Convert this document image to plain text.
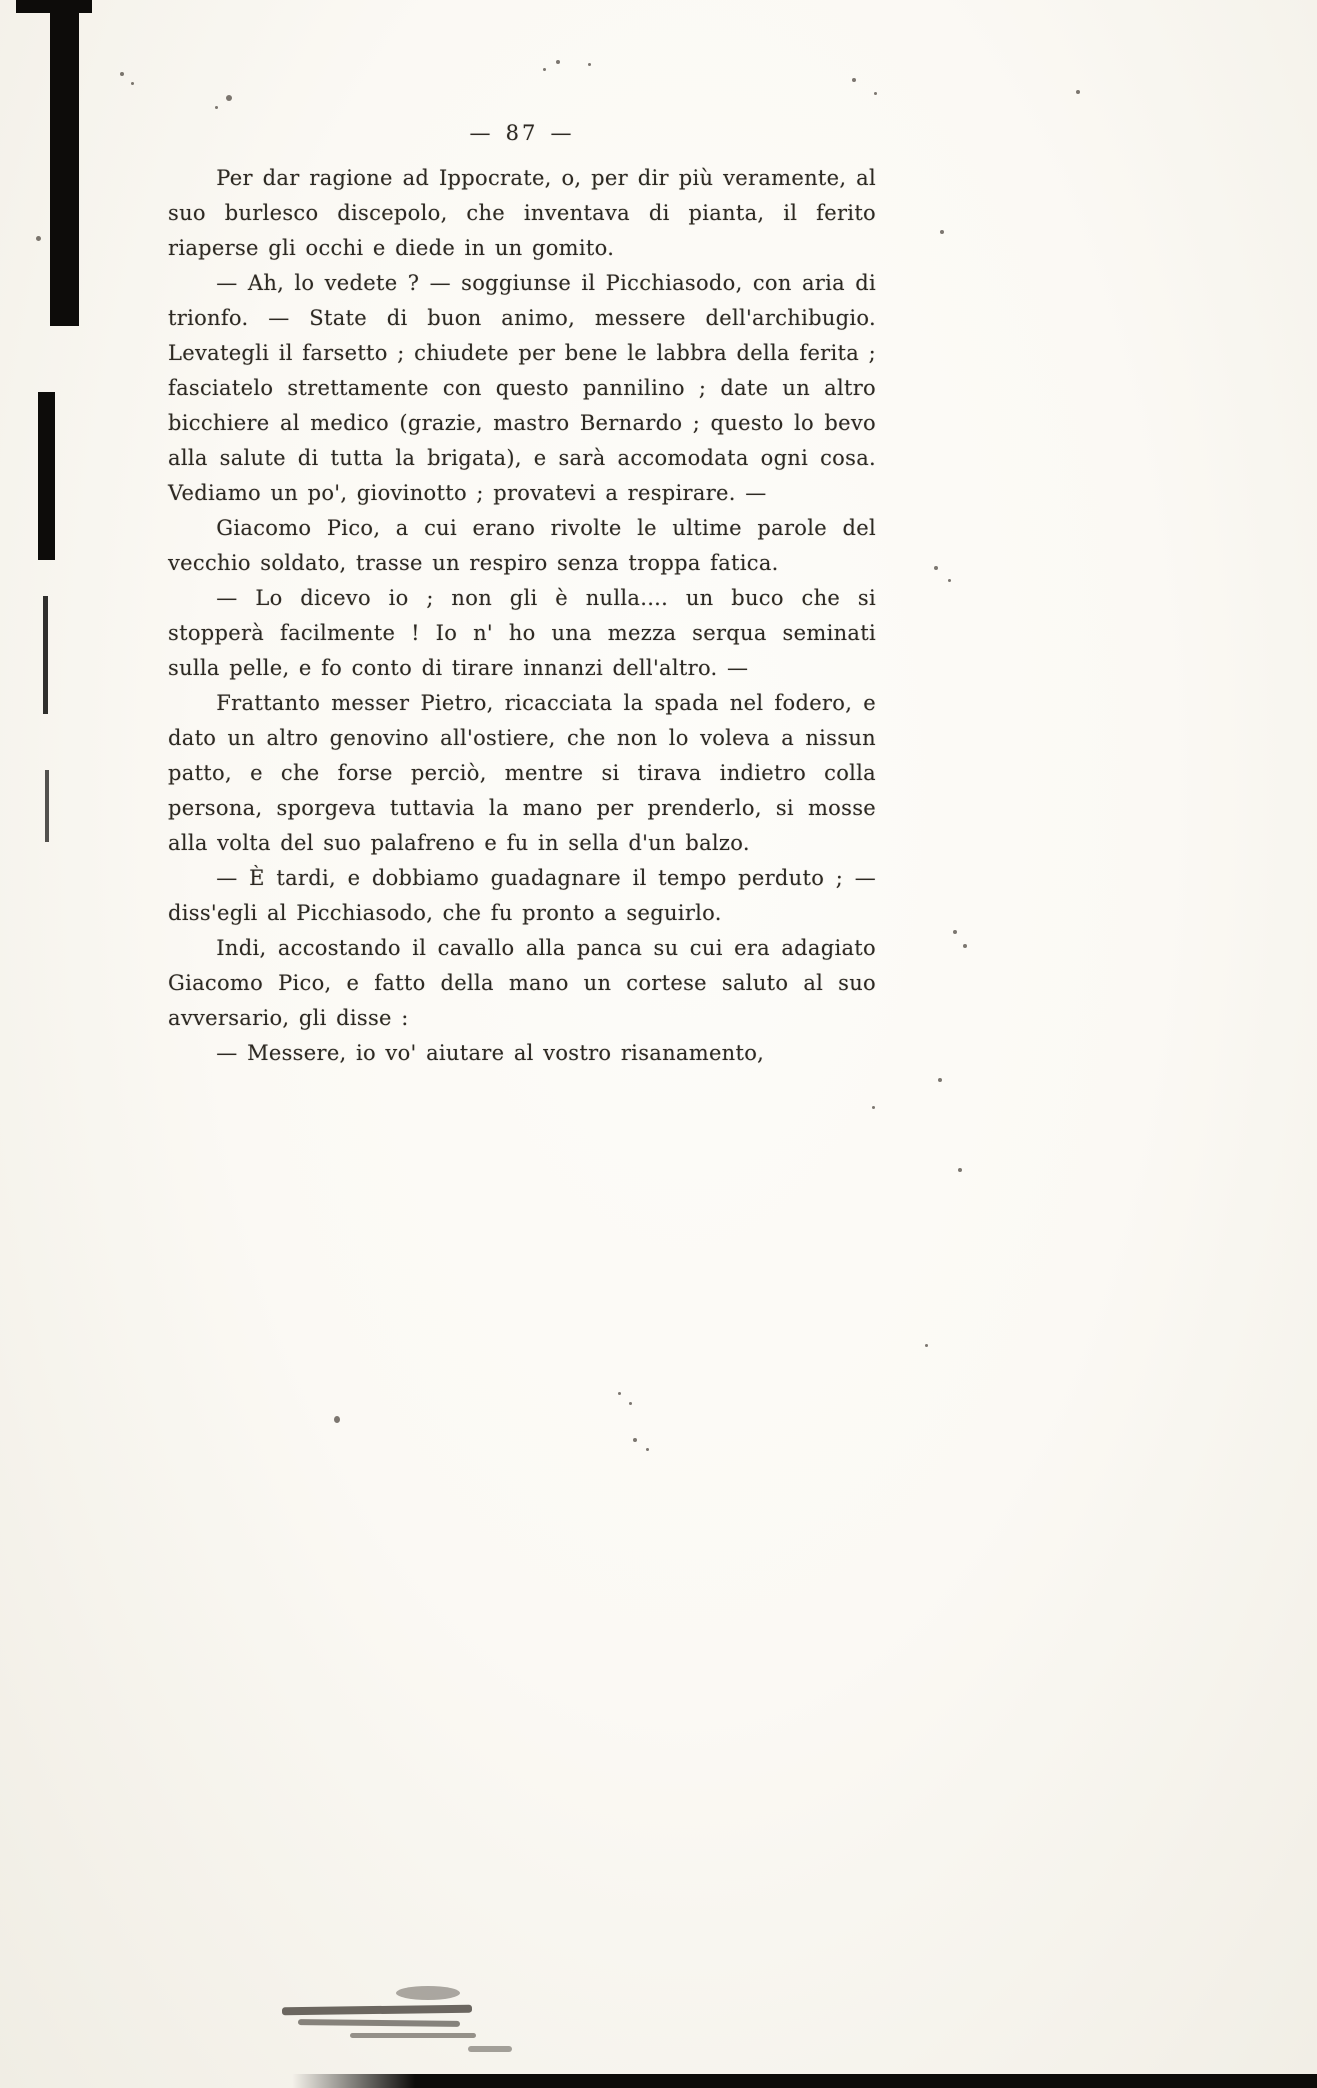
— 87 —

Per dar ragione ad Ippocrate, o, per dir più veramente, al suo burlesco discepolo, che inventava di pianta, il ferito riaperse gli occhi e diede in un gomito.

— Ah, lo vedete ? — soggiunse il Picchiasodo, con aria di trionfo. — State di buon animo, messere dell'archibugio. Levategli il farsetto ; chiudete per bene le labbra della ferita ; fasciatelo strettamente con questo pannilino ; date un altro bicchiere al medico (grazie, mastro Bernardo ; questo lo bevo alla salute di tutta la brigata), e sarà accomodata ogni cosa. Vediamo un po', giovinotto ; provatevi a respirare. —

Giacomo Pico, a cui erano rivolte le ultime parole del vecchio soldato, trasse un respiro senza troppa fatica.

— Lo dicevo io ; non gli è nulla.... un buco che si stopperà facilmente ! Io n' ho una mezza serqua seminati sulla pelle, e fo conto di tirare innanzi dell'altro. —

Frattanto messer Pietro, ricacciata la spada nel fodero, e dato un altro genovino all'ostiere, che non lo voleva a nissun patto, e che forse perciò, mentre si tirava indietro colla persona, sporgeva tuttavia la mano per prenderlo, si mosse alla volta del suo palafreno e fu in sella d'un balzo.

— È tardi, e dobbiamo guadagnare il tempo perduto ; — diss'egli al Picchiasodo, che fu pronto a seguirlo.

Indi, accostando il cavallo alla panca su cui era adagiato Giacomo Pico, e fatto della mano un cortese saluto al suo avversario, gli disse :

— Messere, io vo' aiutare al vostro risanamento,
